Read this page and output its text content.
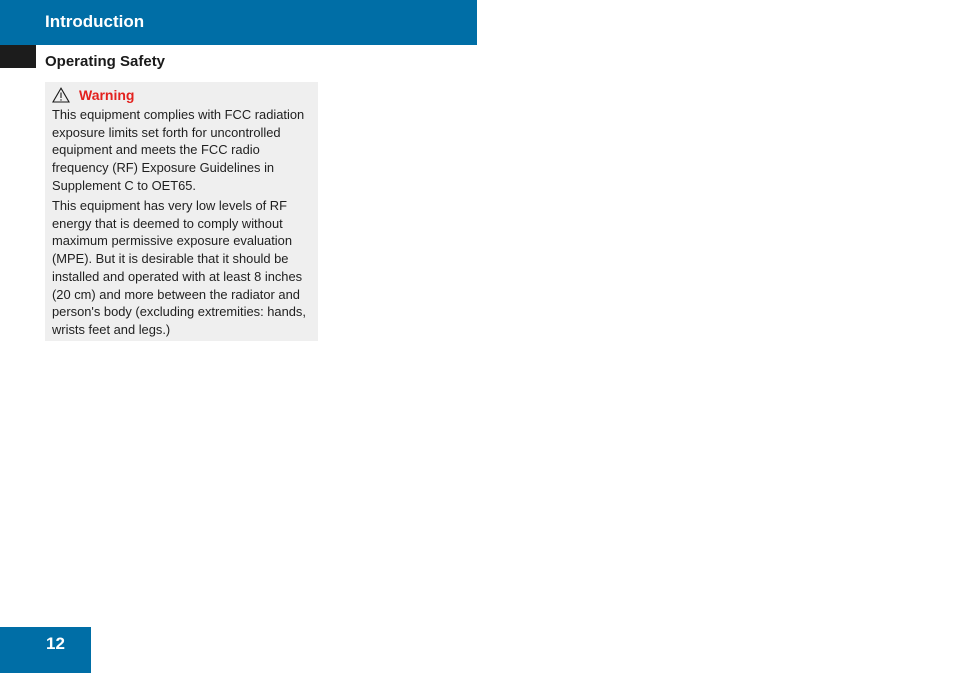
Introduction
Operating Safety
Warning

This equipment complies with FCC radiation exposure limits set forth for uncontrolled equipment and meets the FCC radio frequency (RF) Exposure Guidelines in Supplement C to OET65.

This equipment has very low levels of RF energy that is deemed to comply without maximum permissive exposure evaluation (MPE). But it is desirable that it should be installed and operated with at least 8 inches (20 cm) and more between the radiator and person's body (excluding extremities: hands, wrists feet and legs.)

12
